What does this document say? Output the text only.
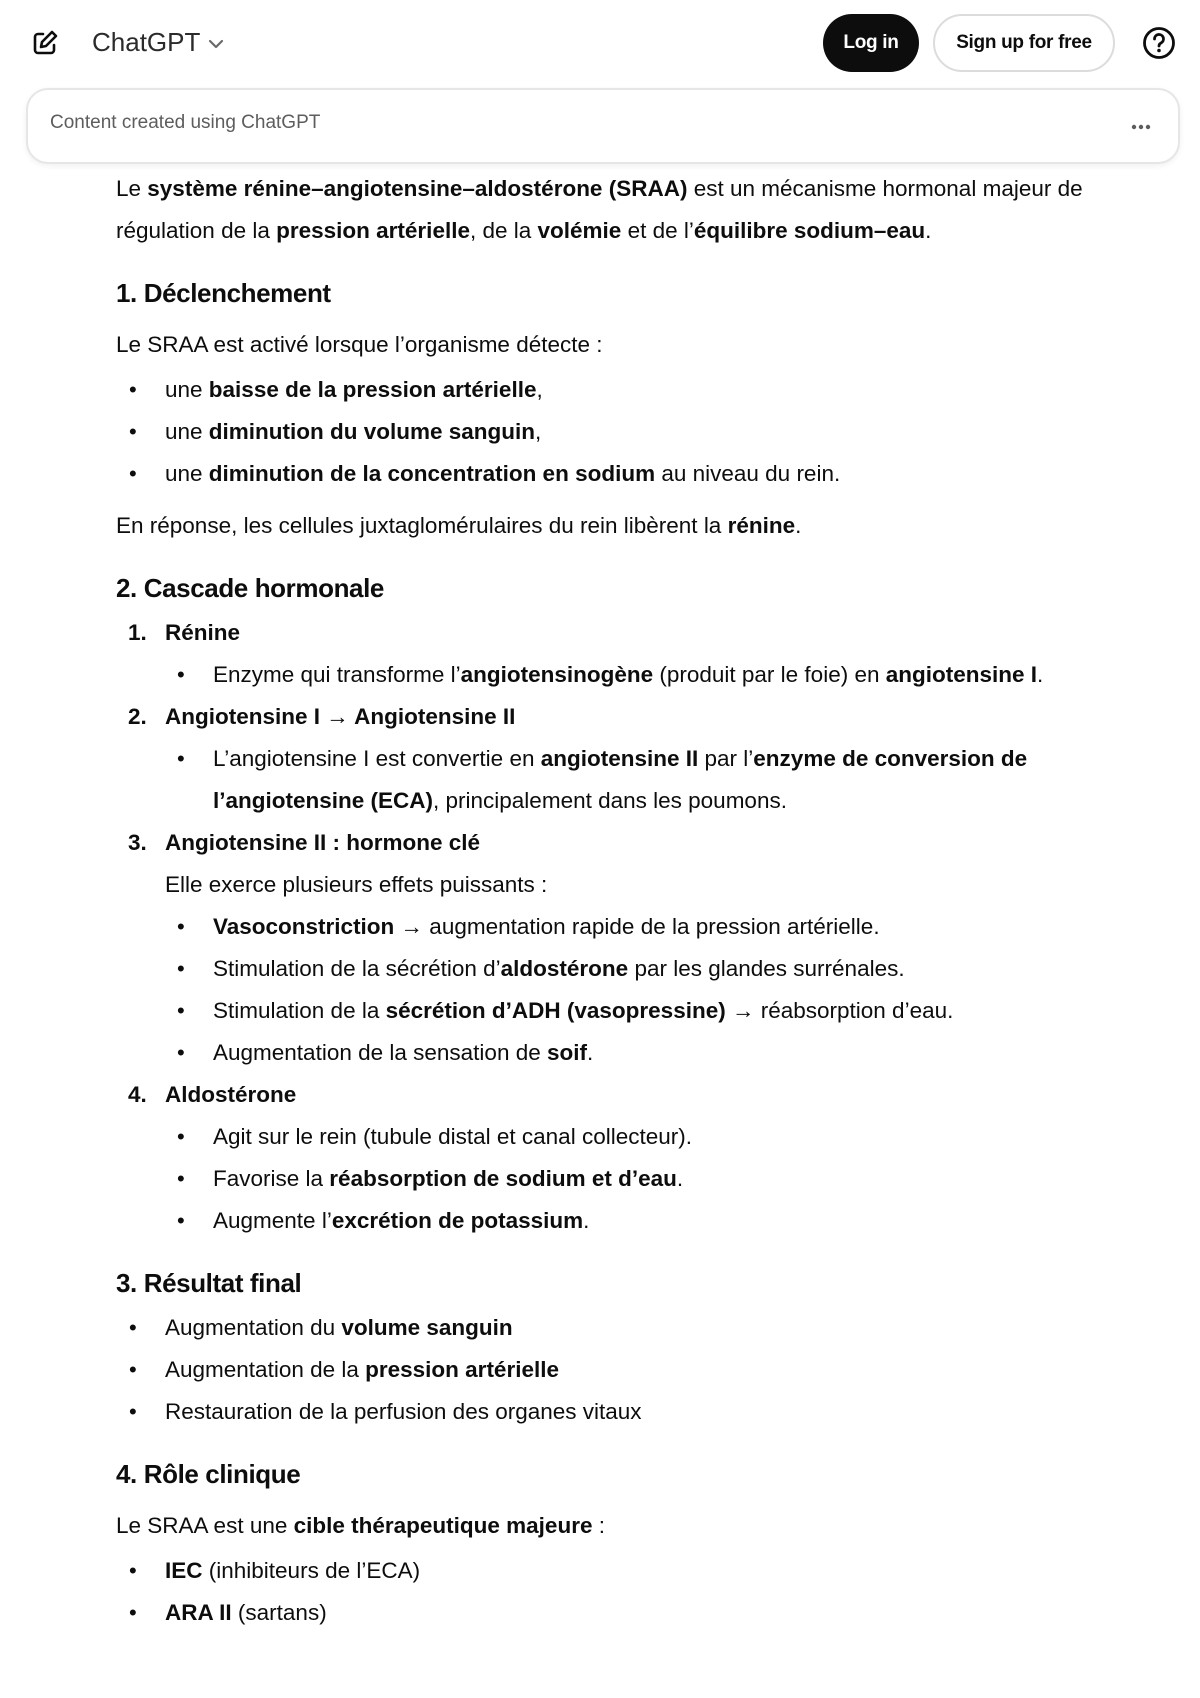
ChatGPT	Log in	Sign up for free
Content created using ChatGPT

Le système rénine–angiotensine–aldostérone (SRAA) est un mécanisme hormonal majeur de régulation de la pression artérielle, de la volémie et de l’équilibre sodium–eau.

1. Déclenchement

Le SRAA est activé lorsque l’organisme détecte :

• une baisse de la pression artérielle,
• une diminution du volume sanguin,
• une diminution de la concentration en sodium au niveau du rein.

En réponse, les cellules juxtaglomérulaires du rein libèrent la rénine.

2. Cascade hormonale
1. Rénine
• Enzyme qui transforme l’angiotensinogène (produit par le foie) en angiotensine I.
2. Angiotensine I → Angiotensine II
• L’angiotensine I est convertie en angiotensine II par l’enzyme de conversion de l’angiotensine (ECA), principalement dans les poumons.
3. Angiotensine II : hormone clé
Elle exerce plusieurs effets puissants :
• Vasoconstriction → augmentation rapide de la pression artérielle.
• Stimulation de la sécrétion d’aldostérone par les glandes surrénales.
• Stimulation de la sécrétion d’ADH (vasopressine) → réabsorption d’eau.
• Augmentation de la sensation de soif.
4. Aldostérone
• Agit sur le rein (tubule distal et canal collecteur).
• Favorise la réabsorption de sodium et d’eau.
• Augmente l’excrétion de potassium.
3. Résultat final
• Augmentation du volume sanguin
• Augmentation de la pression artérielle
• Restauration de la perfusion des organes vitaux
4. Rôle clinique

Le SRAA est une cible thérapeutique majeure :

• IEC (inhibiteurs de l’ECA)
• ARA II (sartans)
